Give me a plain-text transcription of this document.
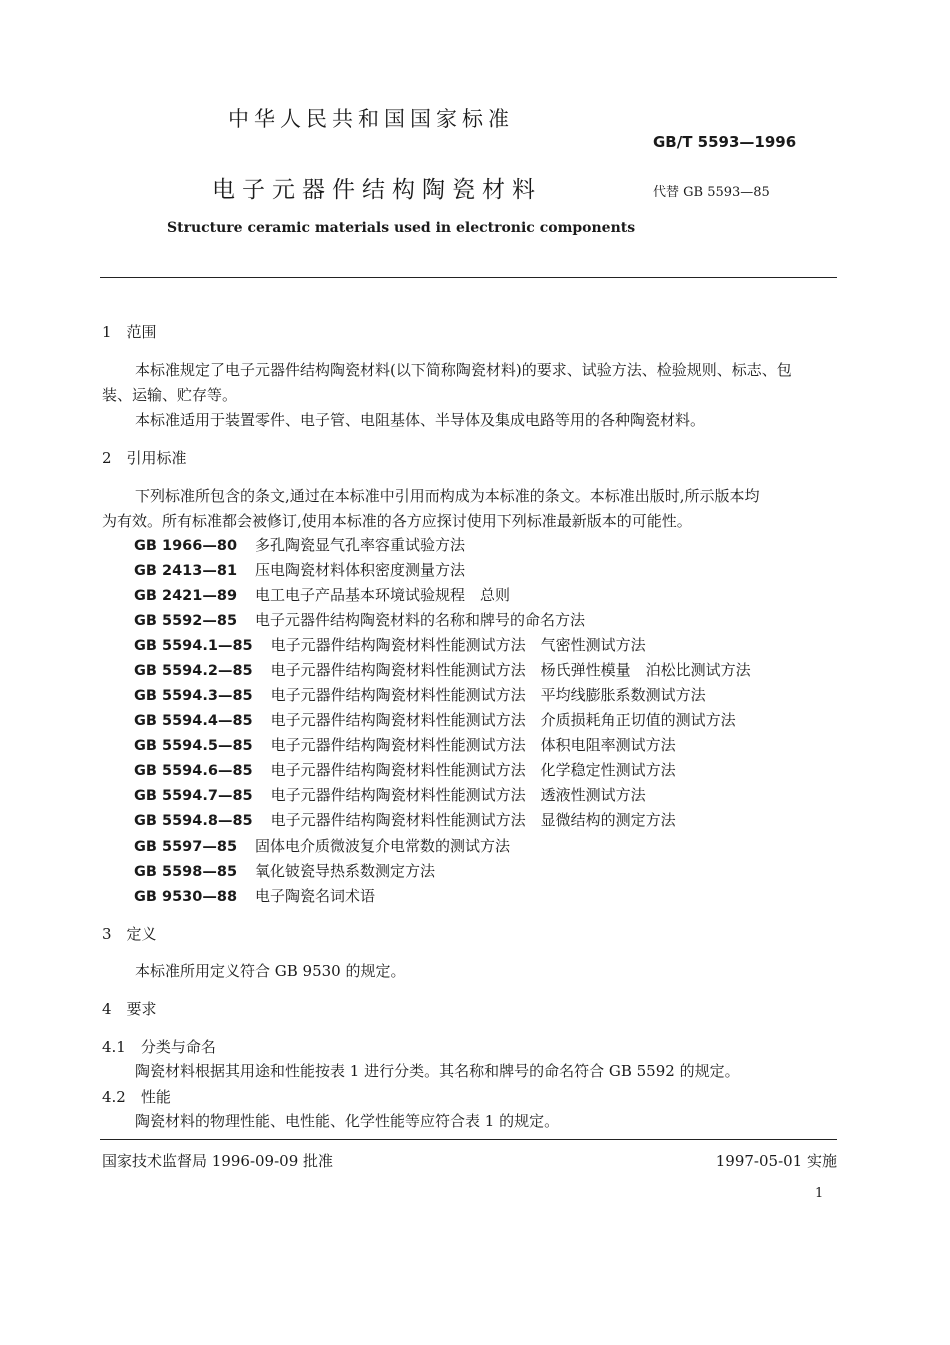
中华人民共和国国家标准
GB/T 5593—1996
电子元器件结构陶瓷材料	代替 GB 5593—85
Structure ceramic materials used in electronic components
1　范围
本标准规定了电子元器件结构陶瓷材料(以下简称陶瓷材料)的要求、试验方法、检验规则、标志、包
装、运输、贮存等。
本标准适用于装置零件、电子管、电阻基体、半导体及集成电路等用的各种陶瓷材料。
2　引用标准
下列标准所包含的条文,通过在本标准中引用而构成为本标准的条文。本标准出版时,所示版本均
为有效。所有标准都会被修订,使用本标准的各方应探讨使用下列标准最新版本的可能性。
GB 1966—80 多孔陶瓷显气孔率容重试验方法
GB 2413—81 压电陶瓷材料体积密度测量方法
GB 2421—89 电工电子产品基本环境试验规程　总则
GB 5592—85 电子元器件结构陶瓷材料的名称和牌号的命名方法
GB 5594.1—85 电子元器件结构陶瓷材料性能测试方法　气密性测试方法
GB 5594.2—85 电子元器件结构陶瓷材料性能测试方法　杨氏弹性模量　泊松比测试方法
GB 5594.3—85 电子元器件结构陶瓷材料性能测试方法　平均线膨胀系数测试方法
GB 5594.4—85 电子元器件结构陶瓷材料性能测试方法　介质损耗角正切值的测试方法
GB 5594.5—85 电子元器件结构陶瓷材料性能测试方法　体积电阻率测试方法
GB 5594.6—85 电子元器件结构陶瓷材料性能测试方法　化学稳定性测试方法
GB 5594.7—85 电子元器件结构陶瓷材料性能测试方法　透液性测试方法
GB 5594.8—85 电子元器件结构陶瓷材料性能测试方法　显微结构的测定方法
GB 5597—85 固体电介质微波复介电常数的测试方法
GB 5598—85 氧化铍瓷导热系数测定方法
GB 9530—88 电子陶瓷名词术语
3　定义
本标准所用定义符合 GB 9530 的规定。
4　要求
4.1　分类与命名
陶瓷材料根据其用途和性能按表 1 进行分类。其名称和牌号的命名符合 GB 5592 的规定。
4.2　性能
陶瓷材料的物理性能、电性能、化学性能等应符合表 1 的规定。
国家技术监督局 1996-09-09 批准	1997-05-01 实施
1
